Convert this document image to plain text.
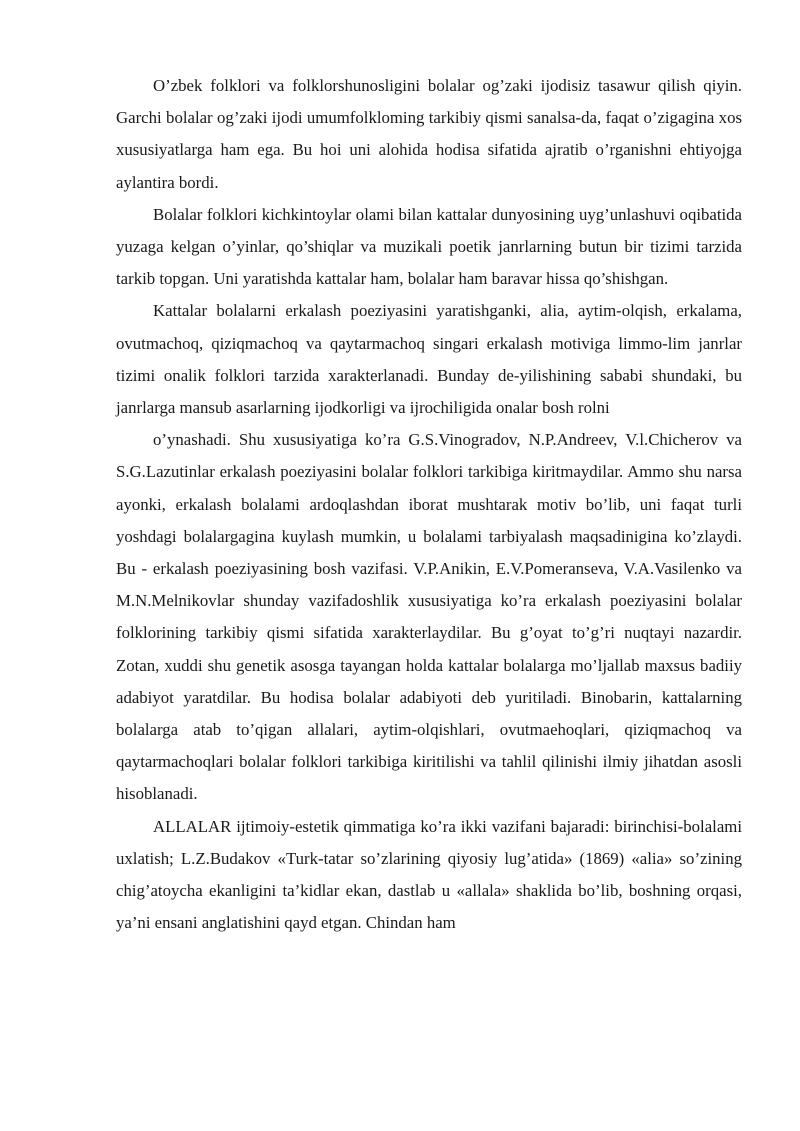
O’zbek folklori va folklorshunosligini bolalar og’zaki ijodisiz tasawur qilish qiyin. Garchi bolalar og’zaki ijodi umumfolkloming tarkibiy qismi sanalsa-da, faqat o’zigagina xos xususiyatlarga ham ega. Bu hoi uni alohida hodisa sifatida ajratib o’rganishni ehtiyojga aylantira bordi.

Bolalar folklori kichkintoylar olami bilan kattalar dunyosining uyg’unlashuvi oqibatida yuzaga kelgan o’yinlar, qo’shiqlar va muzikali poetik janrlarning butun bir tizimi tarzida tarkib topgan. Uni yaratishda kattalar ham, bolalar ham baravar hissa qo’shishgan.

Kattalar bolalarni erkalash poeziyasini yaratishganki, alia, aytim-olqish, erkalama, ovutmachoq, qiziqmachoq va qaytarmachoq singari erkalash motiviga limmo-lim janrlar tizimi onalik folklori tarzida xarakterlanadi. Bunday de-yilishining sababi shundaki, bu janrlarga mansub asarlarning ijodkorligi va ijrochiligida onalar bosh rolni

o’ynashadi. Shu xususiyatiga ko’ra G.S.Vinogradov, N.P.Andreev, V.l.Chicherov va S.G.Lazutinlar erkalash poeziyasini bolalar folklori tarkibiga kiritmaydilar. Ammo shu narsa ayonki, erkalash bolalami ardoqlashdan iborat mushtarak motiv bo’lib, uni faqat turli yoshdagi bolalargagina kuylash mumkin, u bolalami tarbiyalash maqsadinigina ko’zlaydi. Bu - erkalash poeziyasining bosh vazifasi. V.P.Anikin, E.V.Pomeranseva, V.A.Vasilenko va M.N.Melnikovlar shunday vazifadoshlik xususiyatiga ko’ra erkalash poeziyasini bolalar folklorining tarkibiy qismi sifatida xarakterlaydilar. Bu g’oyat to’g’ri nuqtayi nazardir. Zotan, xuddi shu genetik asosga tayangan holda kattalar bolalarga mo’ljallab maxsus badiiy adabiyot yaratdilar. Bu hodisa bolalar adabiyoti deb yuritiladi. Binobarin, kattalarning bolalarga atab to’qigan allalari, aytim-olqishlari, ovutmaehoqlari, qiziqmachoq va qaytarmachoqlari bolalar folklori tarkibiga kiritilishi va tahlil qilinishi ilmiy jihatdan asosli hisoblanadi.

ALLALAR ijtimoiy-estetik qimmatiga ko’ra ikki vazifani bajaradi: birinchisi-bolalami uxlatish; L.Z.Budakov «Turk-tatar so’zlarining qiyosiy lug’atida» (1869) «alia» so’zining chig’atoycha ekanligini ta’kidlar ekan, dastlab u «allala» shaklida bo’lib, boshning orqasi, ya’ni ensani anglatishini qayd etgan. Chindan ham
